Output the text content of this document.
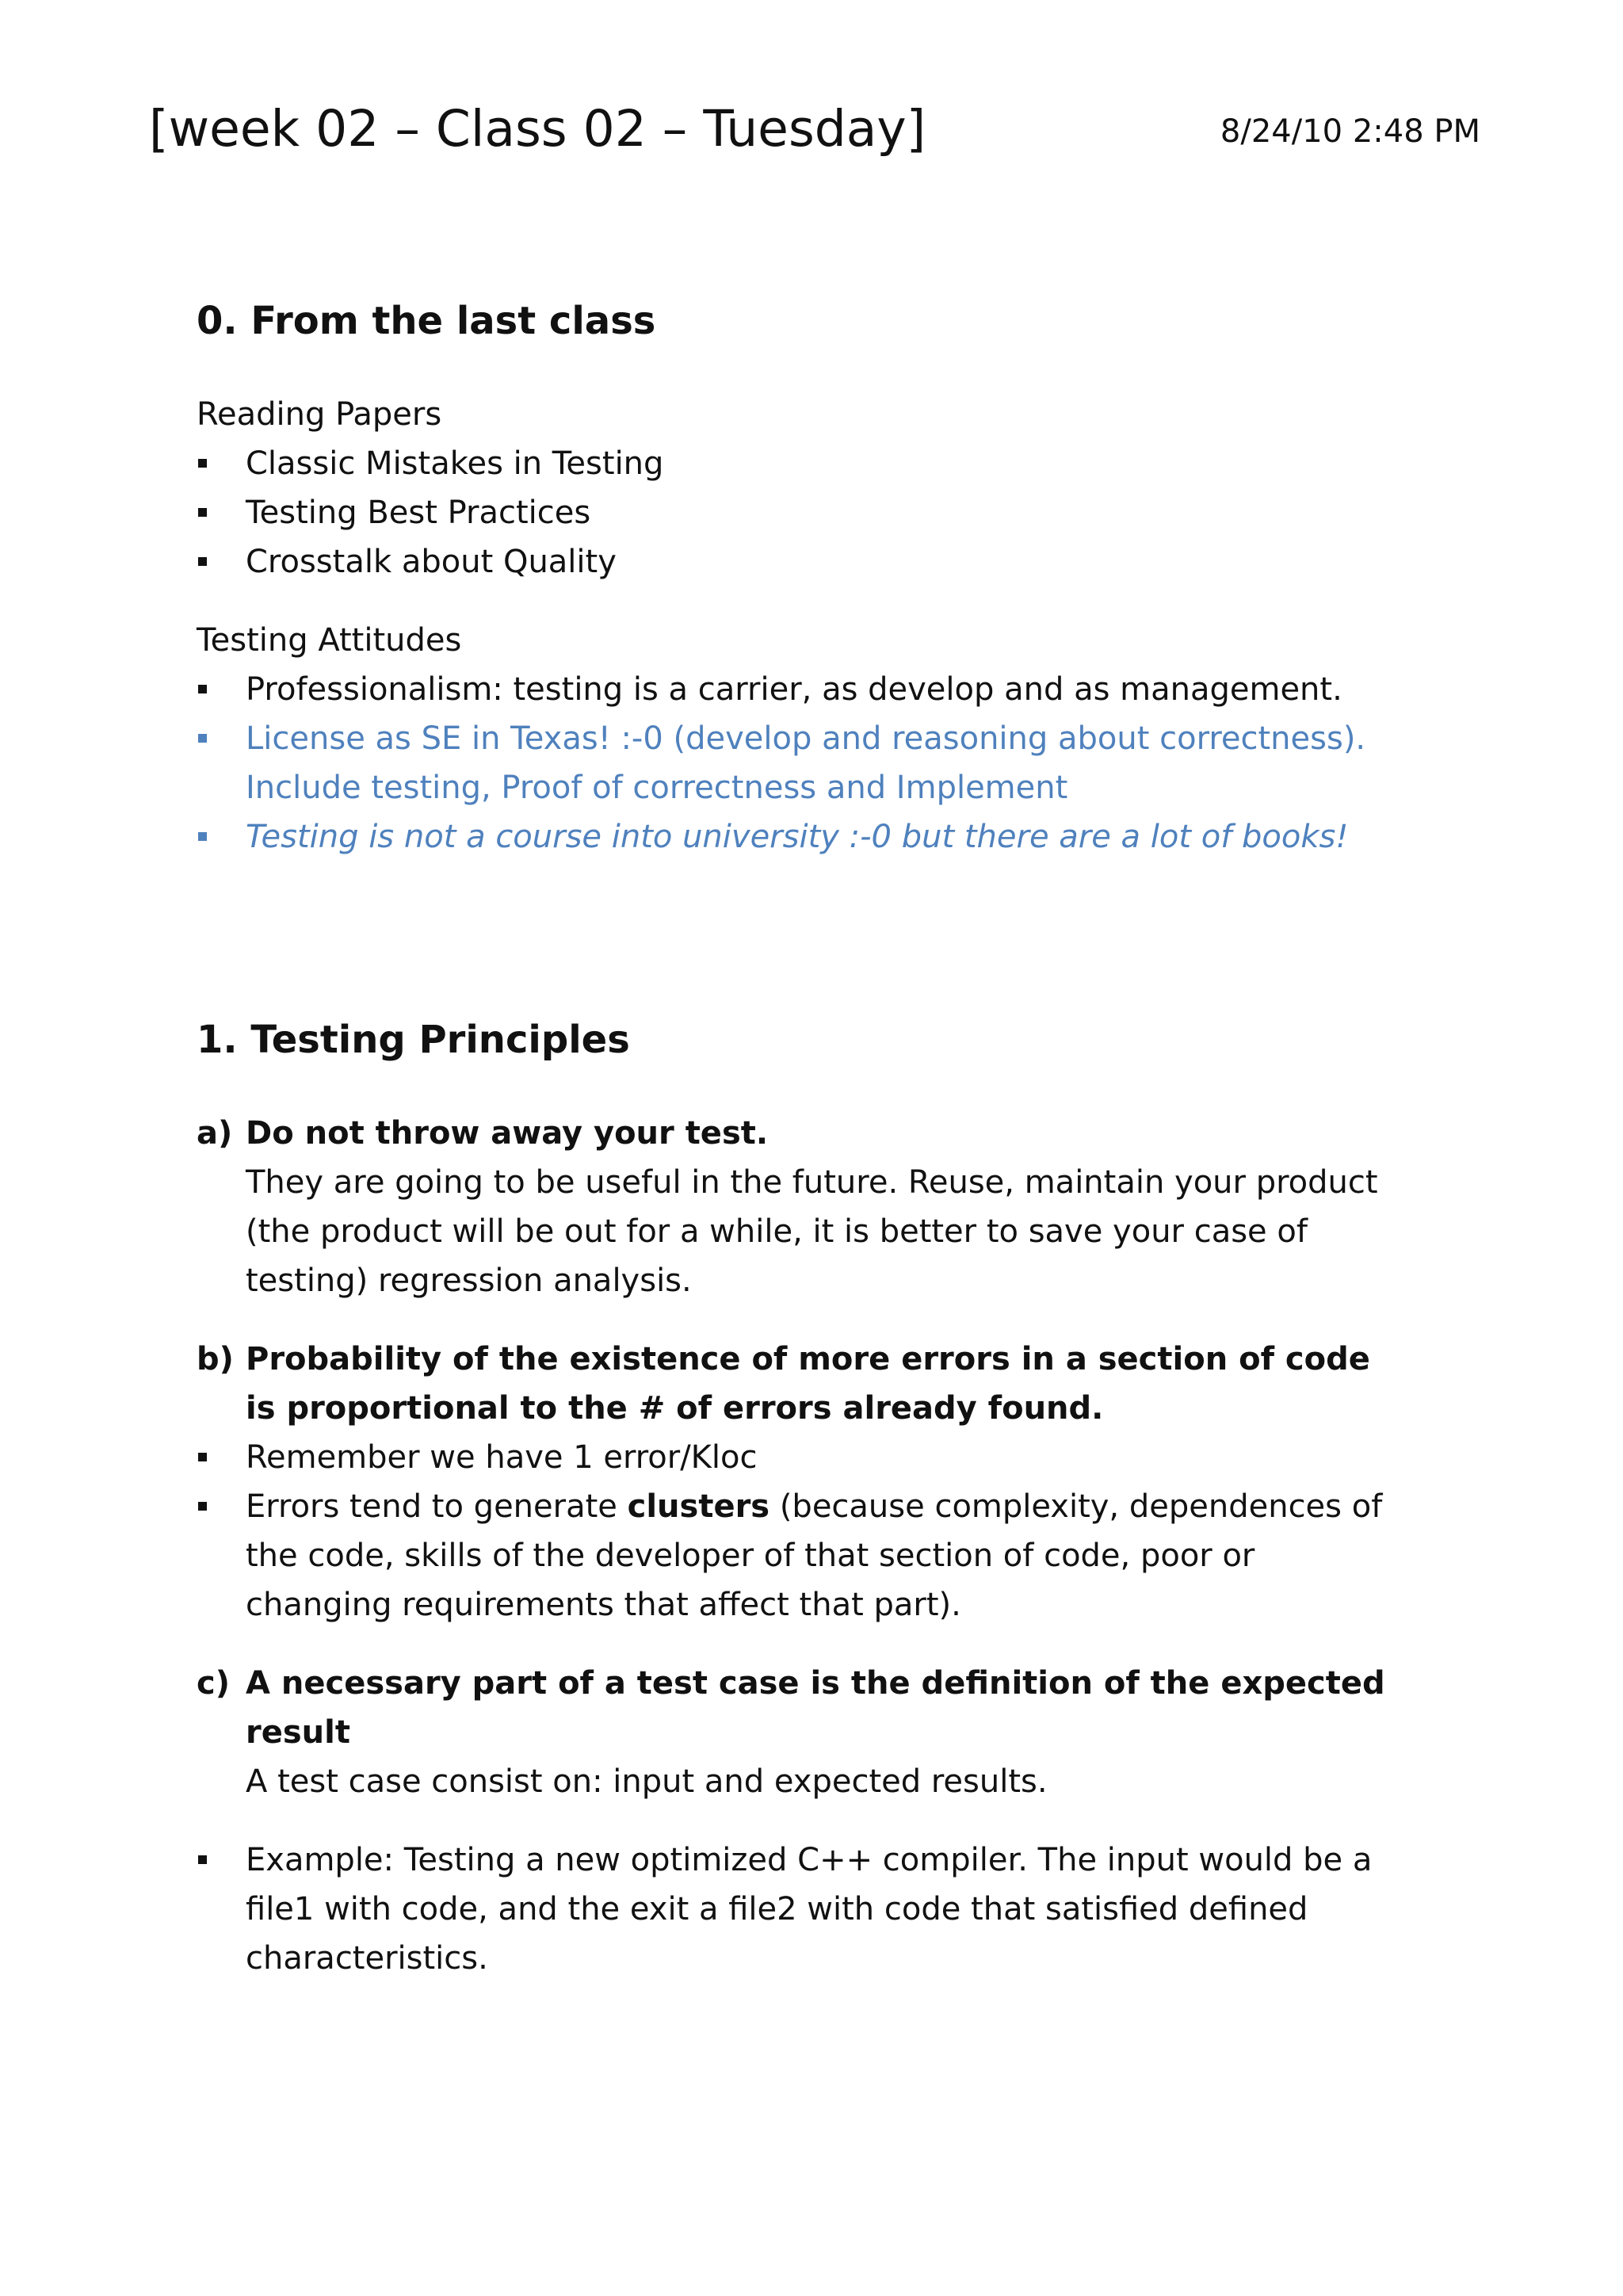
[week 02 – Class 02 – Tuesday]	8/24/10 2:48 PM
0. From the last class
Reading Papers
Classic Mistakes in Testing
Testing Best Practices
Crosstalk about Quality
Testing Attitudes
Professionalism: testing is a carrier, as develop and as management.
License as SE in Texas! :-0 (develop and reasoning about correctness).
Include testing, Proof of correctness and Implement
Testing is not a course into university :-0 but there are a lot of books!
1. Testing Principles
a) Do not throw away your test.
They are going to be useful in the future. Reuse, maintain your product
(the product will be out for a while, it is better to save your case of
testing) regression analysis.
b) Probability of the existence of more errors in a section of code
is proportional to the # of errors already found.
Remember we have 1 error/Kloc
Errors tend to generate clusters (because complexity, dependences of
the code, skills of the developer of that section of code, poor or
changing requirements that affect that part).
c) A necessary part of a test case is the definition of the expected
result
A test case consist on: input and expected results.
Example: Testing a new optimized C++ compiler. The input would be a
file1 with code, and the exit a file2 with code that satisfied defined
characteristics.
